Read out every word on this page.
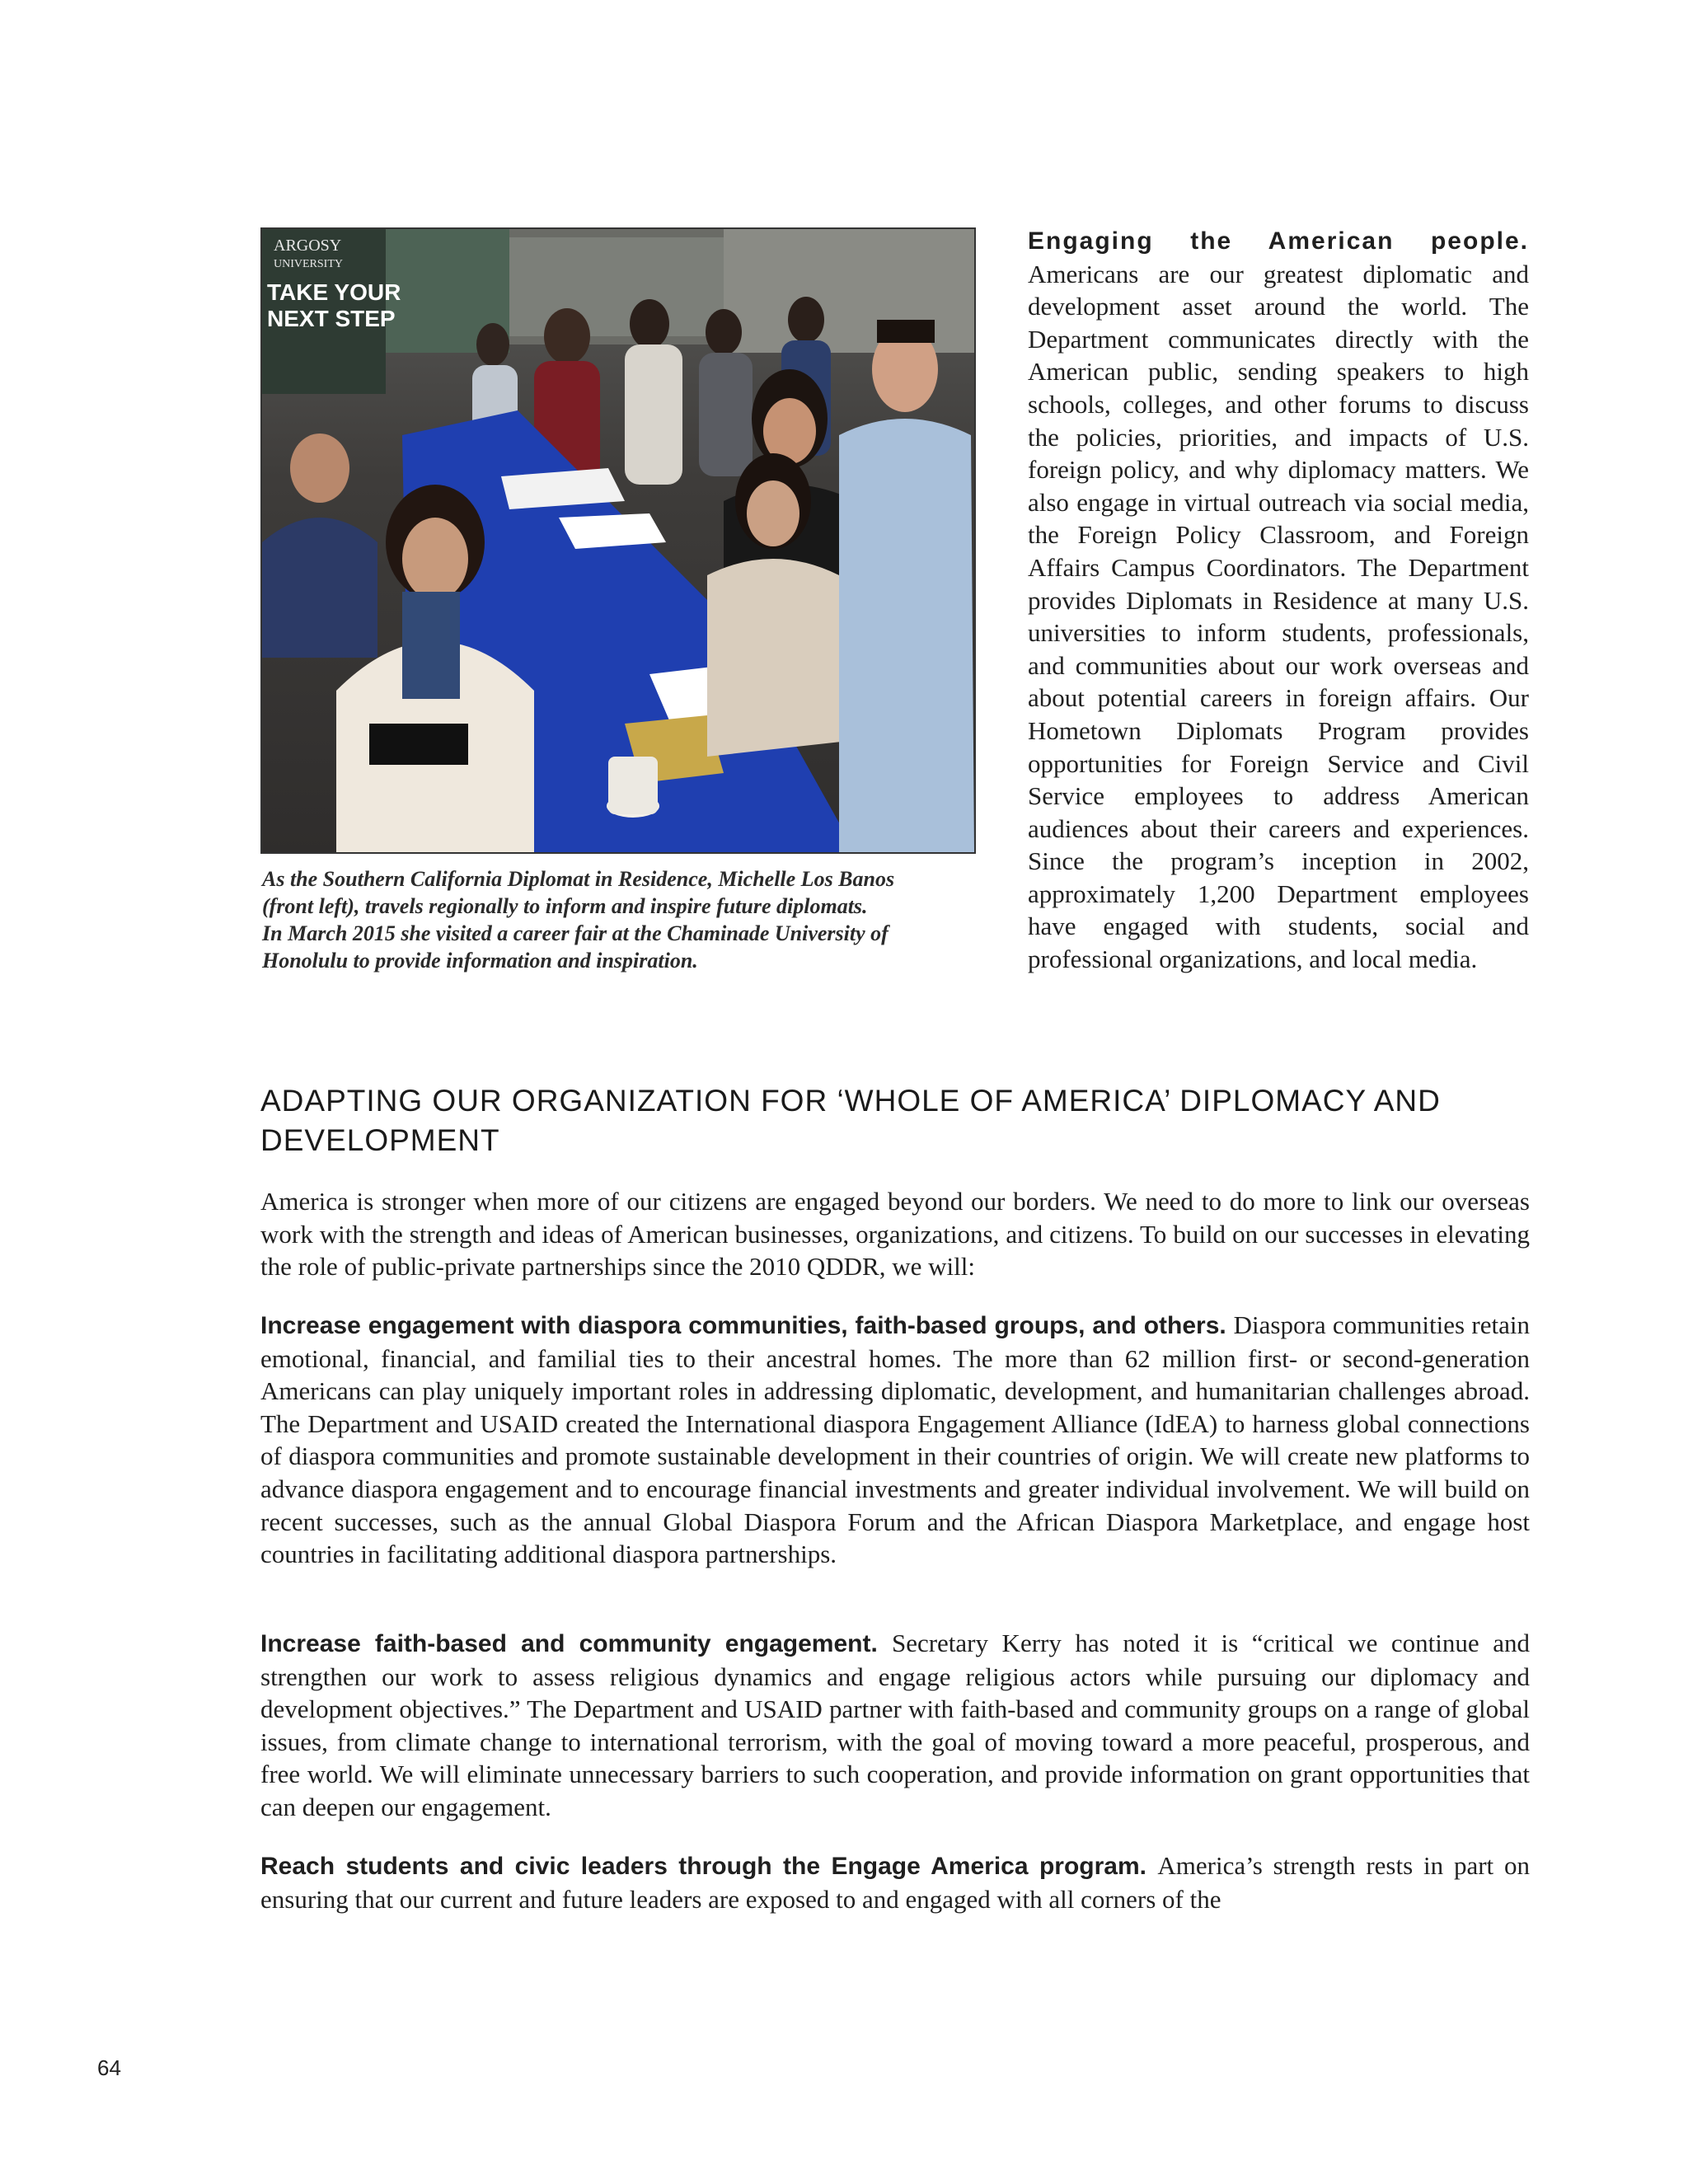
ARGOSY
UNIVERSITY
TAKE YOUR
NEXT STEP
As the Southern California Diplomat in Residence, Michelle Los Banos
(front left), travels regionally to inform and inspire future diplomats.
In March 2015 she visited a career fair at the Chaminade University of
Honolulu to provide information and inspiration.
Engaging the American people. Americans are our greatest diplomatic and development asset around the world. The Department communicates directly with the American public, sending speakers to high schools, colleges, and other forums to discuss the policies, priorities, and impacts of U.S. foreign policy, and why diplomacy matters. We also engage in virtual outreach via social media, the Foreign Policy Classroom, and Foreign Affairs Campus Coordinators. The Department provides Diplomats in Residence at many U.S. universities to inform students, professionals, and communities about our work overseas and about potential careers in foreign affairs. Our Hometown Diplomats Program provides opportunities for Foreign Service and Civil Service employees to address American audiences about their careers and experiences. Since the program’s inception in 2002, approximately 1,200 Department employees have engaged with students, social and professional organizations, and local media.
ADAPTING OUR ORGANIZATION FOR ‘WHOLE OF AMERICA’ DIPLOMACY AND DEVELOPMENT

America is stronger when more of our citizens are engaged beyond our borders. We need to do more to link our overseas work with the strength and ideas of American businesses, organizations, and citizens. To build on our successes in elevating the role of public-private partnerships since the 2010 QDDR, we will:

Increase engagement with diaspora communities, faith-based groups, and others. Diaspora communities retain emotional, financial, and familial ties to their ancestral homes. The more than 62 million first- or second-generation Americans can play uniquely important roles in addressing diplomatic, development, and humanitarian challenges abroad. The Department and USAID created the International diaspora Engagement Alliance (IdEA) to harness global connections of diaspora communities and promote sustainable development in their countries of origin. We will create new platforms to advance diaspora engagement and to encourage financial investments and greater individual involvement. We will build on recent successes, such as the annual Global Diaspora Forum and the African Diaspora Marketplace, and engage host countries in facilitating additional diaspora partnerships.

Increase faith-based and community engagement. Secretary Kerry has noted it is “critical we continue and strengthen our work to assess religious dynamics and engage religious actors while pursuing our diplomacy and development objectives.” The Department and USAID partner with faith-based and community groups on a range of global issues, from climate change to international terrorism, with the goal of moving toward a more peaceful, prosperous, and free world. We will eliminate unnecessary barriers to such cooperation, and provide information on grant opportunities that can deepen our engagement.

Reach students and civic leaders through the Engage America program. America’s strength rests in part on ensuring that our current and future leaders are exposed to and engaged with all corners of the

64
